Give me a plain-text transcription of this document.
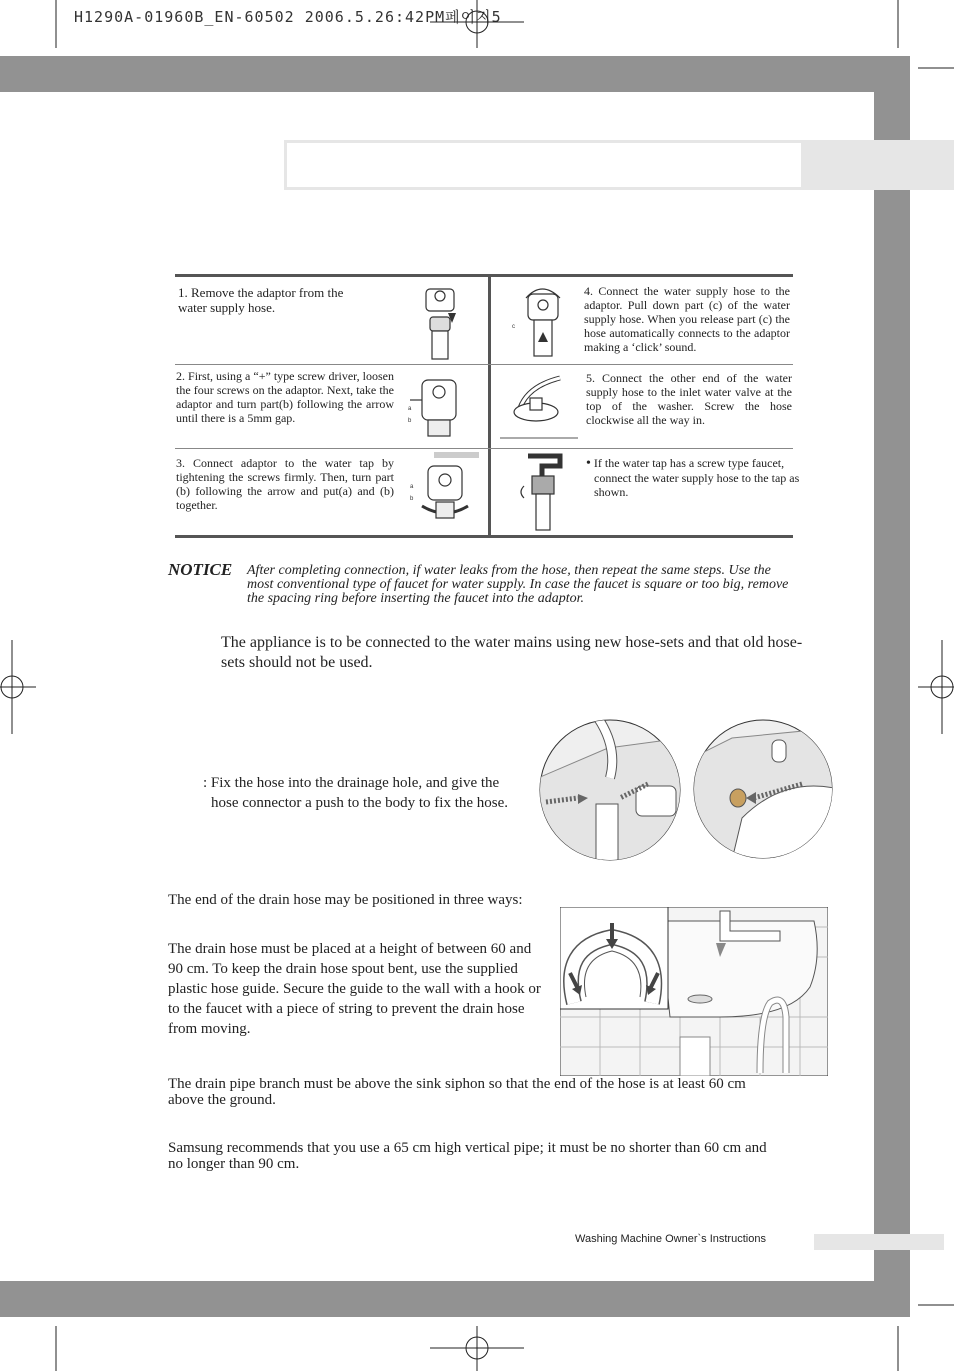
H1290A-01960B_EN-60502 2006.5.26:42PM페이지5
1. Remove the adaptor from the water supply hose.
2. First, using a “+” type screw driver, loosen the four screws on the adaptor. Next, take the adaptor and turn part(b) following the arrow until there is a 5mm gap.
a
b
3. Connect adaptor to the water tap by tightening the screws firmly. Then, turn part (b) following the arrow and put(a) and (b) together.
a
b
c
4. Connect the water supply hose to the adaptor. Pull down part (c) of the water supply hose. When you release part (c) the hose automatically connects to the adaptor making a ‘click’ sound.
5. Connect the other end of the water supply hose to the inlet water valve at the top of the washer. Screw the hose clockwise all the way in.
• If the water tap has a screw type faucet, connect the water supply hose to the tap as shown.
NOTICE After completing connection, if water leaks from the hose, then repeat the same steps. Use the most conventional type of faucet for water supply. In case the faucet is square or too big, remove the spacing ring before inserting the faucet into the adaptor.
The appliance is to be connected to the water mains using new hose-sets and that old hose-sets should not be used.
: Fix the hose into the drainage hole, and give the hose connector a push to the body to fix the hose.
The end of the drain hose may be positioned in three ways:
The drain hose must be placed at a height of between 60 and 90 cm. To keep the drain hose spout bent, use the supplied plastic hose guide. Secure the guide to the wall with a hook or to the faucet with a piece of string to prevent the drain hose from moving.
The drain pipe branch must be above the sink siphon so that the end of the hose is at least 60 cm above the ground.
Samsung recommends that you use a 65 cm high vertical pipe; it must be no shorter than 60 cm and no longer than 90 cm.
Washing Machine Owner`s Instructions
